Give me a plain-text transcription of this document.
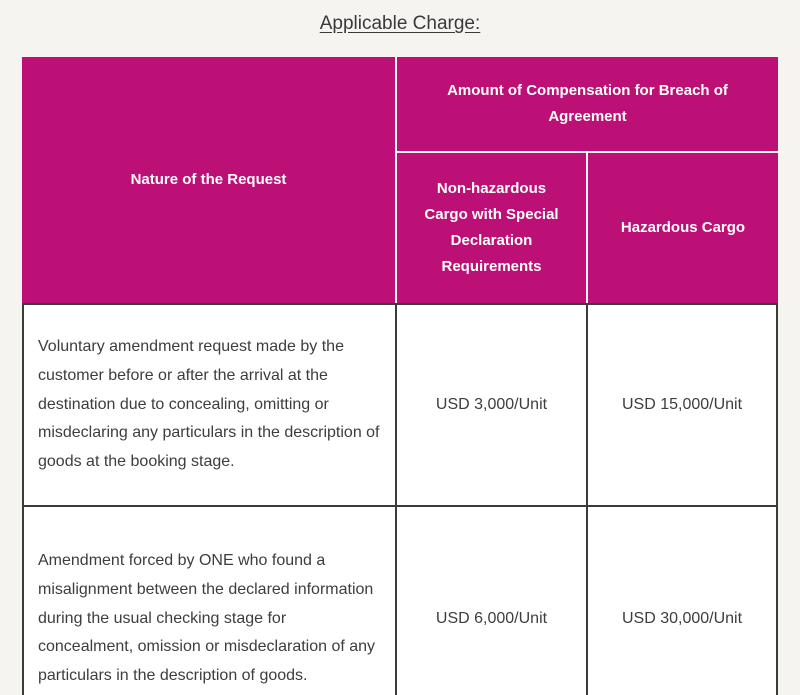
Applicable Charge:
Nature of the Request	Amount of Compensation for Breach of Agreement	
	Non-hazardous Cargo with Special Declaration Requirements	Hazardous Cargo
Voluntary amendment request made by the customer before or after the arrival at the destination due to concealing, omitting or misdeclaring any particulars in the description of goods at the booking stage.	USD 3,000/Unit	USD 15,000/Unit
Amendment forced by ONE who found a misalignment between the declared information during the usual checking stage for concealment, omission or misdeclaration of any particulars in the description of goods.	USD 6,000/Unit	USD 30,000/Unit
